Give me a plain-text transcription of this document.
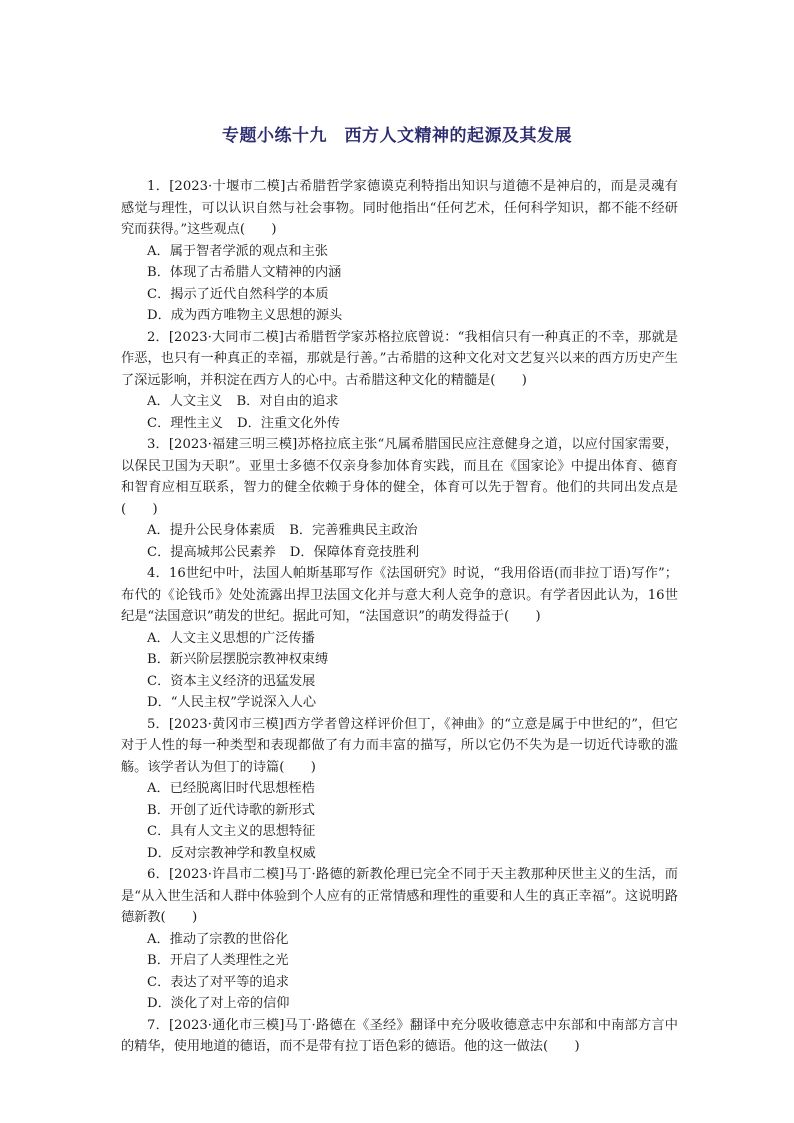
专题小练十九　西方人文精神的起源及其发展

1．[2023·十堰市二模]古希腊哲学家德谟克利特指出知识与道德不是神启的，而是灵魂有感觉与理性，可以认识自然与社会事物。同时他指出“任何艺术，任何科学知识，都不能不经研究而获得。”这些观点(　　)

A．属于智者学派的观点和主张

B．体现了古希腊人文精神的内涵

C．揭示了近代自然科学的本质

D．成为西方唯物主义思想的源头

2．[2023·大同市二模]古希腊哲学家苏格拉底曾说：“我相信只有一种真正的不幸，那就是作恶，也只有一种真正的幸福，那就是行善。”古希腊的这种文化对文艺复兴以来的西方历史产生了深远影响，并积淀在西方人的心中。古希腊这种文化的精髓是(　　)

A．人文主义 B．对自由的追求

C．理性主义 D．注重文化外传

3．[2023·福建三明三模]苏格拉底主张“凡属希腊国民应注意健身之道，以应付国家需要，以保民卫国为天职”。亚里士多德不仅亲身参加体育实践，而且在《国家论》中提出体育、德育和智育应相互联系，智力的健全依赖于身体的健全，体育可以先于智育。他们的共同出发点是(　　)

A．提升公民身体素质 B．完善雅典民主政治

C．提高城邦公民素养 D．保障体育竞技胜利

4．16世纪中叶，法国人帕斯基耶写作《法国研究》时说，“我用俗语(而非拉丁语)写作”；布代的《论钱币》处处流露出捍卫法国文化并与意大利人竞争的意识。有学者因此认为，16世纪是“法国意识”萌发的世纪。据此可知，“法国意识”的萌发得益于(　　)

A．人文主义思想的广泛传播

B．新兴阶层摆脱宗教神权束缚

C．资本主义经济的迅猛发展

D．“人民主权”学说深入人心

5．[2023·黄冈市三模]西方学者曾这样评价但丁，《神曲》的“立意是属于中世纪的”，但它对于人性的每一种类型和表现都做了有力而丰富的描写，所以它仍不失为是一切近代诗歌的滥觞。该学者认为但丁的诗篇(　　)

A．已经脱离旧时代思想桎梏

B．开创了近代诗歌的新形式

C．具有人文主义的思想特征

D．反对宗教神学和教皇权威

6．[2023·许昌市二模]马丁·路德的新教伦理已完全不同于天主教那种厌世主义的生活，而是“从入世生活和人群中体验到个人应有的正常情感和理性的重要和人生的真正幸福”。这说明路德新教(　　)

A．推动了宗教的世俗化

B．开启了人类理性之光

C．表达了对平等的追求

D．淡化了对上帝的信仰

7．[2023·通化市三模]马丁·路德在《圣经》翻译中充分吸收德意志中东部和中南部方言中的精华，使用地道的德语，而不是带有拉丁语色彩的德语。他的这一做法(　　)
